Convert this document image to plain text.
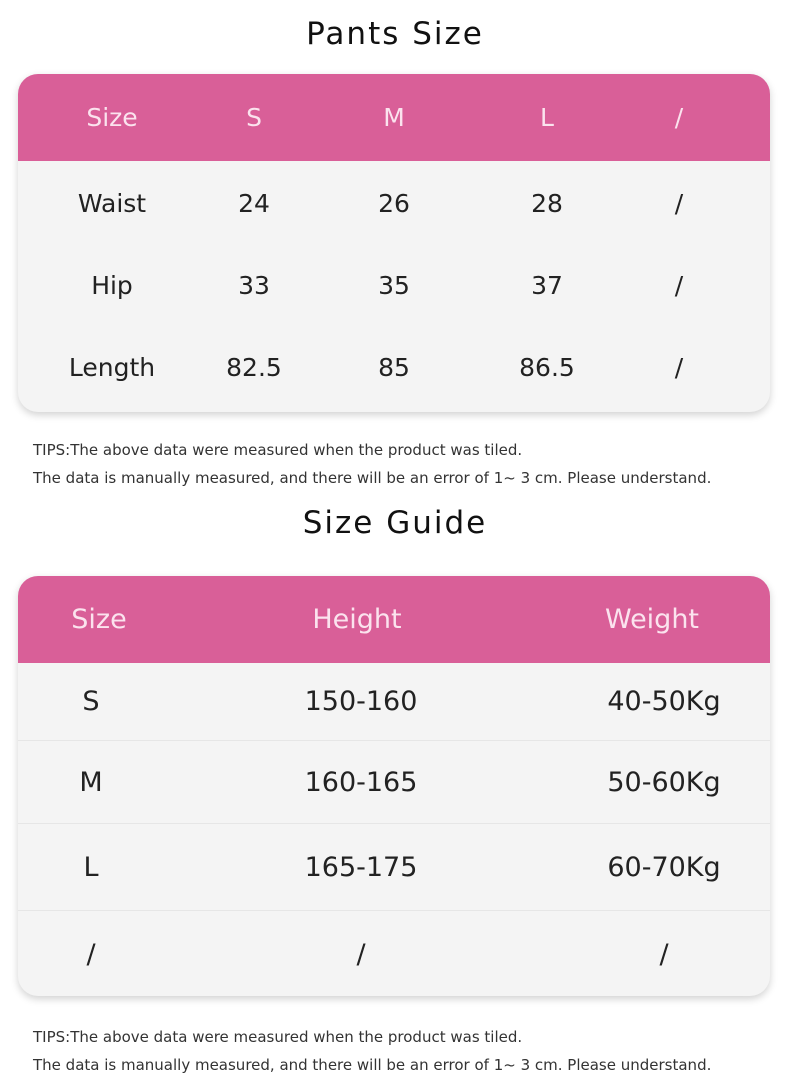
Pants Size
Size	S	M	L	/
Waist	24	26	28	/
Hip	33	35	37	/
Length	82.5	85	86.5	/
TIPS:The above data were measured when the product was tiled.
The data is manually measured, and there will be an error of 1~ 3 cm. Please understand.
Size Guide
Size	Height	Weight
S	150-160	40-50Kg
M	160-165	50-60Kg
L	165-175	60-70Kg
/	/	/
TIPS:The above data were measured when the product was tiled.
The data is manually measured, and there will be an error of 1~ 3 cm. Please understand.
